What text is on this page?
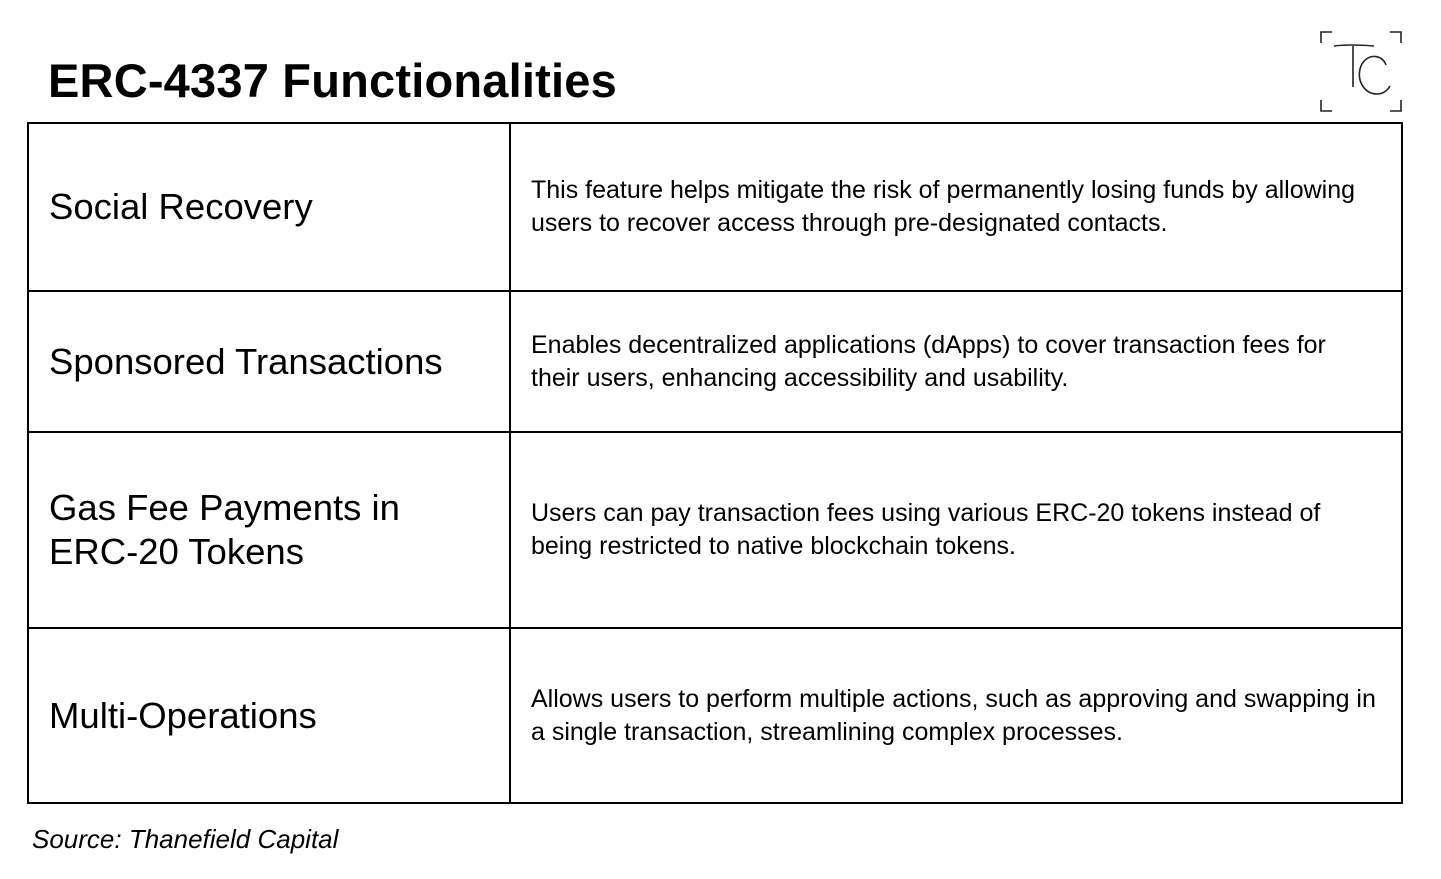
ERC-4337 Functionalities
Social Recovery	This feature helps mitigate the risk of permanently losing funds by allowing users to recover access through pre-designated contacts.
Sponsored Transactions	Enables decentralized applications (dApps) to cover transaction fees for their users, enhancing accessibility and usability.
Gas Fee Payments in ERC-20 Tokens	Users can pay transaction fees using various ERC-20 tokens instead of being restricted to native blockchain tokens.
Multi-Operations	Allows users to perform multiple actions, such as approving and swapping in a single transaction, streamlining complex processes.
Source: Thanefield Capital
